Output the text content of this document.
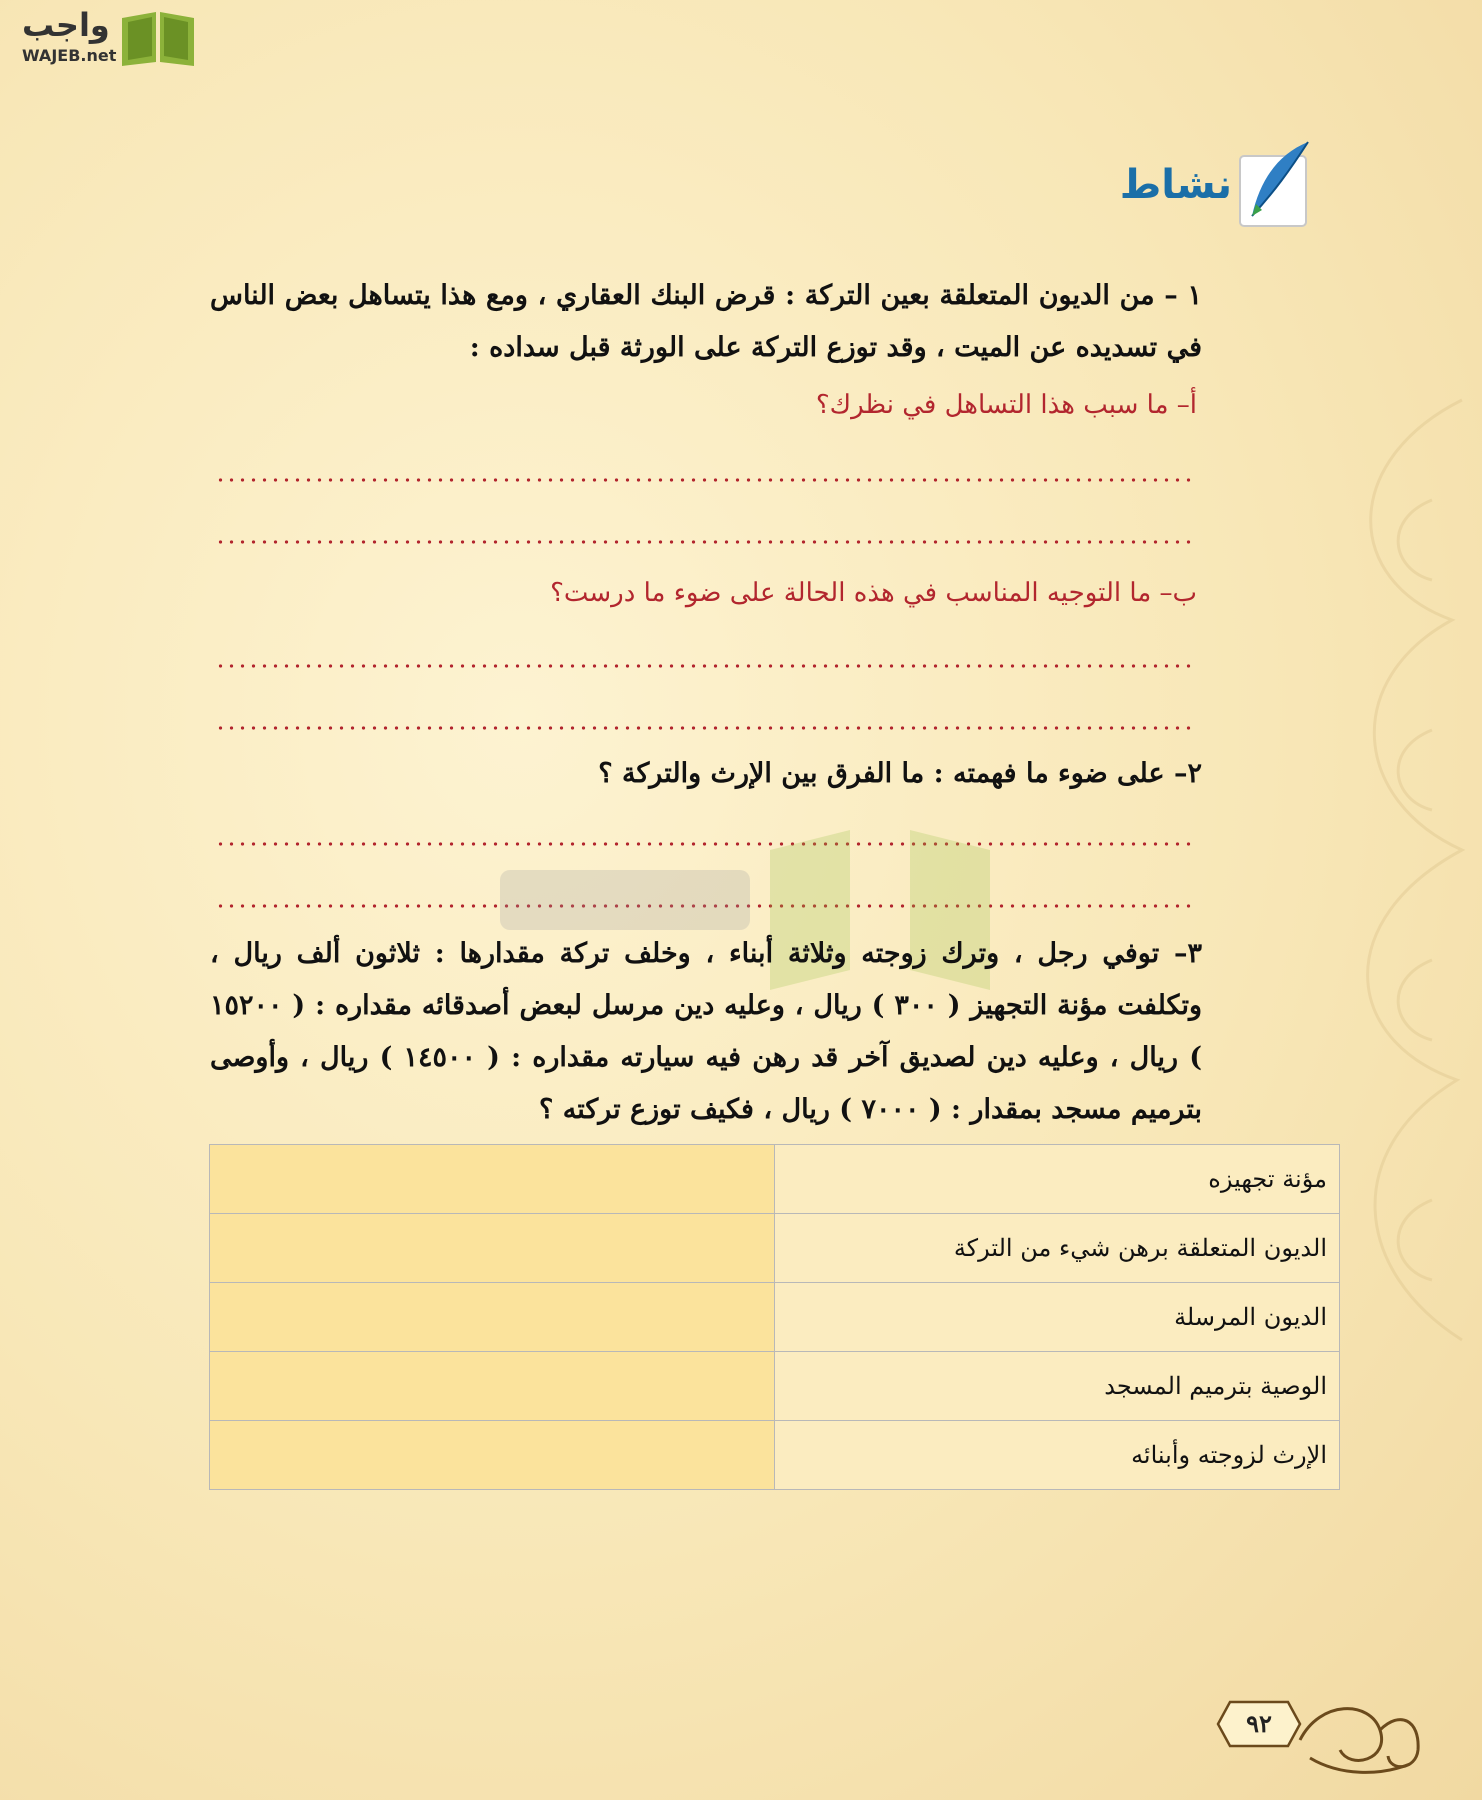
واجب
WAJEB.net
نشاط
١ – من الديون المتعلقة بعين التركة : قرض البنك العقاري ، ومع هذا يتساهل بعض الناس في تسديده عن الميت ، وقد توزع التركة على الورثة قبل سداده :
أ– ما سبب هذا التساهل في نظرك؟
ب– ما التوجيه المناسب في هذه الحالة على ضوء ما درست؟
٢– على ضوء ما فهمته : ما الفرق بين الإرث والتركة ؟
٣– توفي رجل ، وترك زوجته وثلاثة أبناء ، وخلف تركة مقدارها : ثلاثون ألف ريال ، وتكلفت مؤنة التجهيز ( ٣٠٠ ) ريال ، وعليه دين مرسل لبعض أصدقائه مقداره : ( ١٥٢٠٠ ) ريال ، وعليه دين لصديق آخر قد رهن فيه سيارته مقداره : ( ١٤٥٠٠ ) ريال ، وأوصى بترميم مسجد بمقدار : ( ٧٠٠٠ ) ريال ، فكيف توزع تركته ؟
مؤنة تجهيزه	
الديون المتعلقة برهن شيء من التركة	
الديون المرسلة	
الوصية بترميم المسجد	
الإرث لزوجته وأبنائه	
٩٢
